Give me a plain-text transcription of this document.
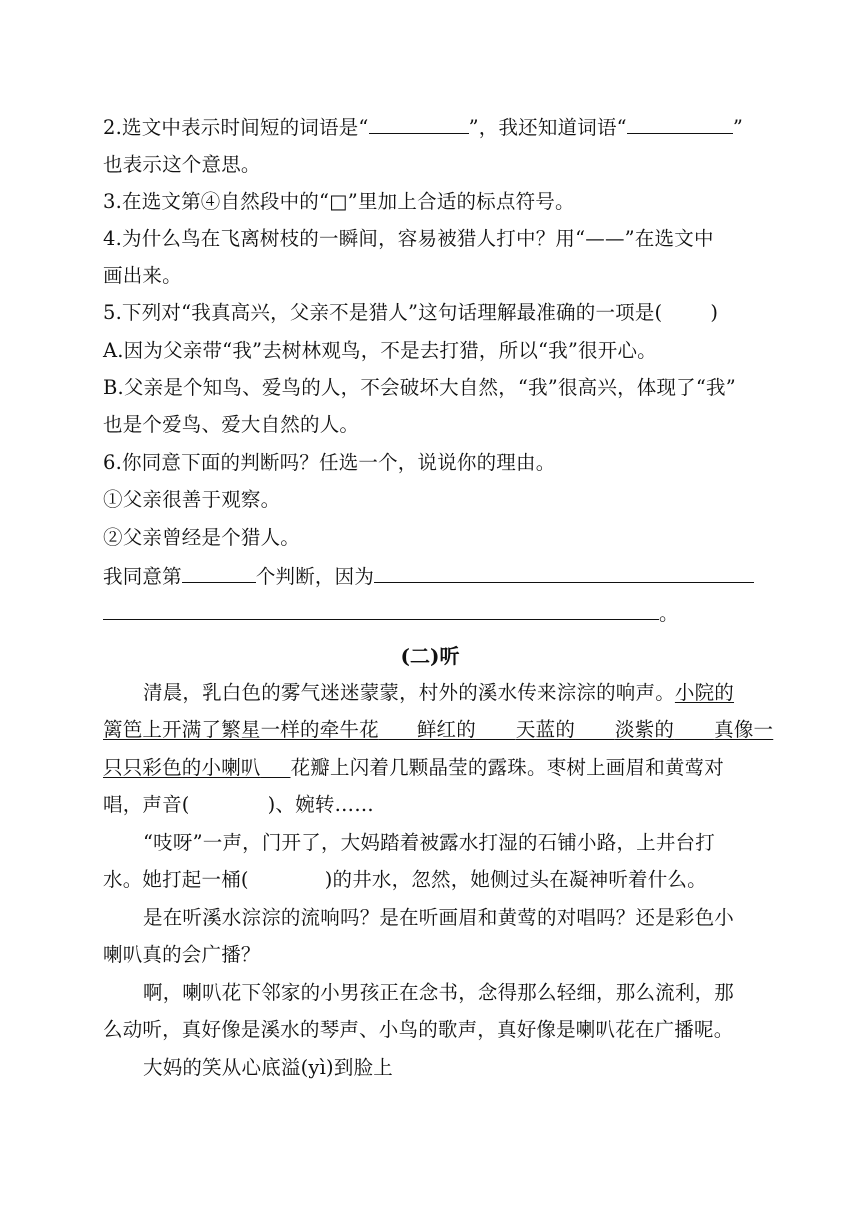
2.选文中表示时间短的词语是“	”，我还知道词语“	”
也表示这个意思。
3.在选文第④自然段中的“□”里加上合适的标点符号。
4.为什么鸟在飞离树枝的一瞬间，容易被猎人打中？用“——”在选文中
画出来。
5.下列对“我真高兴，父亲不是猎人”这句话理解最准确的一项是( )
A.因为父亲带“我”去树林观鸟，不是去打猎，所以“我”很开心。
B.父亲是个知鸟、爱鸟的人，不会破坏大自然，“我”很高兴，体现了“我”
也是个爱鸟、爱大自然的人。
6.你同意下面的判断吗？任选一个，说说你的理由。
①父亲很善于观察。
②父亲曾经是个猎人。
我同意第	个判断，因为
。
(二)听
清晨，乳白色的雾气迷迷蒙蒙，村外的溪水传来淙淙的响声。小院的
篱笆上开满了繁星一样的牵牛花     鲜红的     天蓝的     淡紫的     真像一
只只彩色的小喇叭    花瓣上闪着几颗晶莹的露珠。枣树上画眉和黄莺对
唱，声音(	)、婉转……
“吱呀”一声，门开了，大妈踏着被露水打湿的石铺小路，上井台打
水。她打起一桶(	)的井水，忽然，她侧过头在凝神听着什么。
是在听溪水淙淙的流响吗？是在听画眉和黄莺的对唱吗？还是彩色小
喇叭真的会广播？
啊，喇叭花下邻家的小男孩正在念书，念得那么轻细，那么流利，那
么动听，真好像是溪水的琴声、小鸟的歌声，真好像是喇叭花在广播呢。
大妈的笑从心底溢(yì)到脸上
